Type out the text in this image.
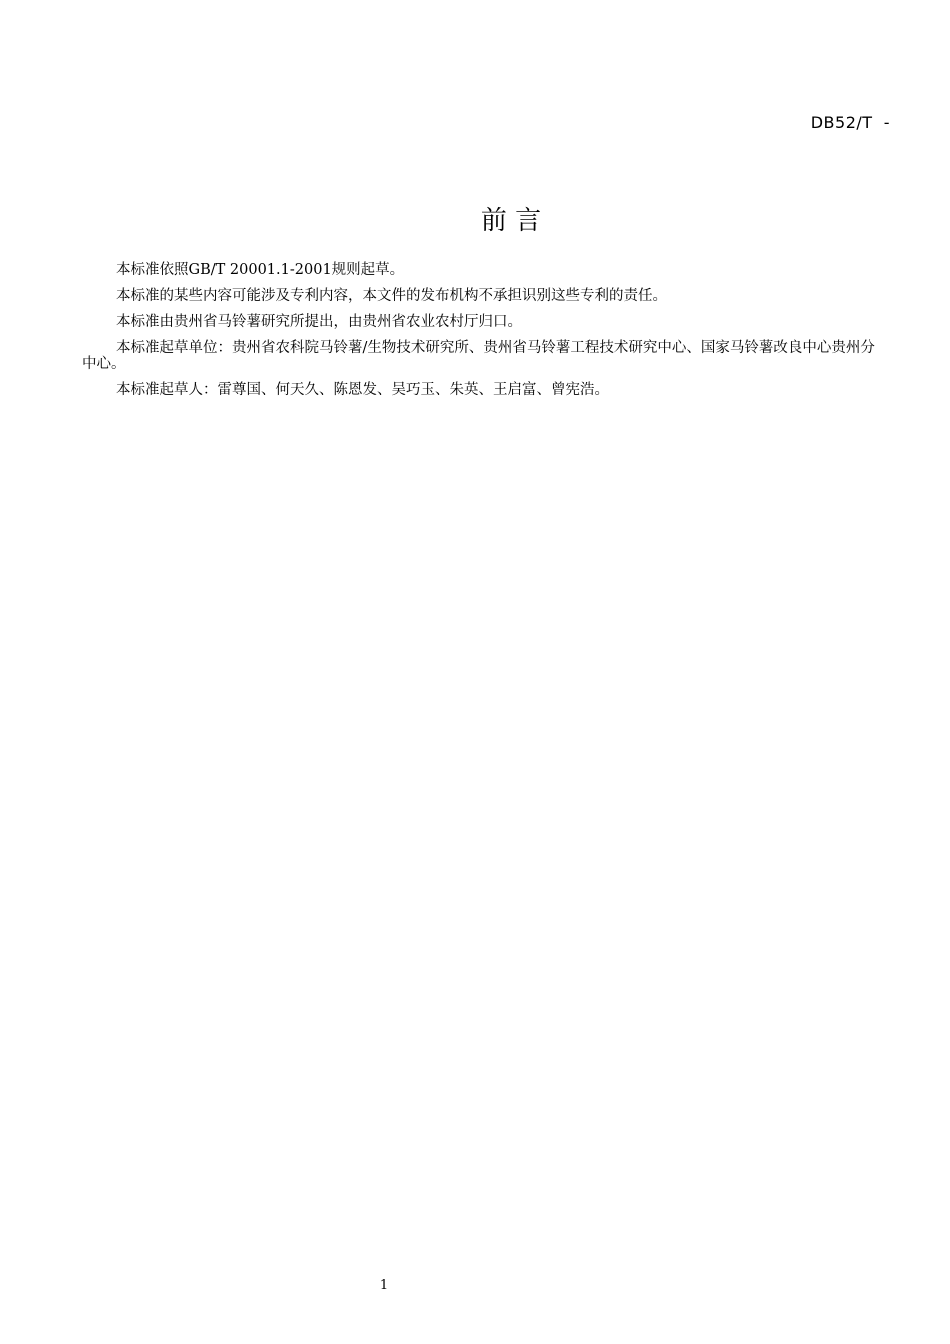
DB52/T  -
前 言

本标准依照GB/T 20001.1-2001规则起草。

本标准的某些内容可能涉及专利内容，本文件的发布机构不承担识别这些专利的责任。

本标准由贵州省马铃薯研究所提出，由贵州省农业农村厅归口。

本标准起草单位：贵州省农科院马铃薯/生物技术研究所、贵州省马铃薯工程技术研究中心、国家马铃薯改良中心贵州分中心。

本标准起草人：雷尊国、何天久、陈恩发、吴巧玉、朱英、王启富、曾宪浩。

1
